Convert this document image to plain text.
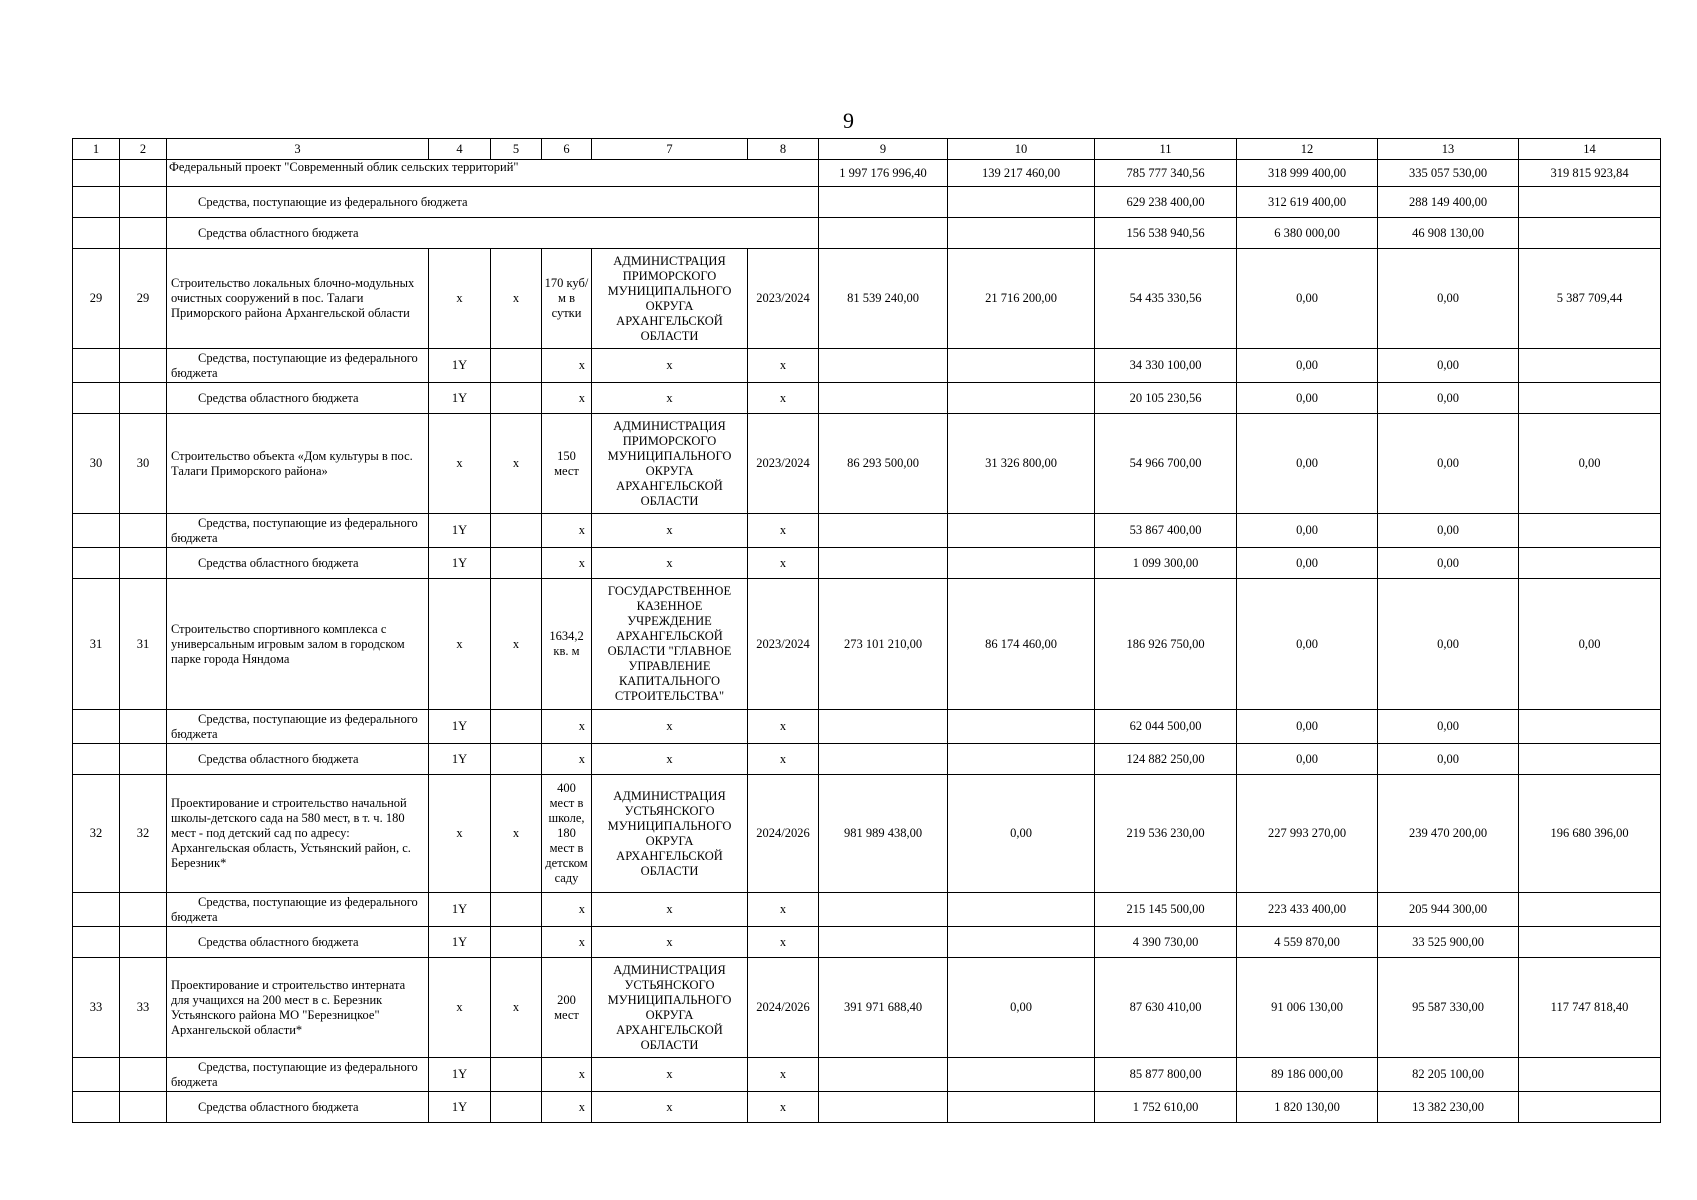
9
1	2	3	4	5	6	7	8	9	10	11	12	13	14
		Федеральный проект "Современный облик сельских территорий"						1 997 176 996,40	139 217 460,00	785 777 340,56	318 999 400,00	335 057 530,00	319 815 923,84
		Средства, поступающие из федерального бюджета								629 238 400,00	312 619 400,00	288 149 400,00	
		Средства областного бюджета								156 538 940,56	6 380 000,00	46 908 130,00	
29	29	Строительство локальных блочно-модульных очистных сооружений в пос. Талаги Приморского района Архангельской области	х	х	170 куб/м в сутки	АДМИНИСТРАЦИЯ ПРИМОРСКОГО МУНИЦИПАЛЬНОГО ОКРУГА АРХАНГЕЛЬСКОЙ ОБЛАСТИ	2023/2024	81 539 240,00	21 716 200,00	54 435 330,56	0,00	0,00	5 387 709,44

		Средства, поступающие из федерального бюджета	1Y		х	х	х			34 330 100,00	0,00	0,00	

		Средства областного бюджета	1Y		х	х	х			20 105 230,56	0,00	0,00	
30	30	Строительство объекта «Дом культуры в пос. Талаги Приморского района»	х	х	150 мест	АДМИНИСТРАЦИЯ ПРИМОРСКОГО МУНИЦИПАЛЬНОГО ОКРУГА АРХАНГЕЛЬСКОЙ ОБЛАСТИ	2023/2024	86 293 500,00	31 326 800,00	54 966 700,00	0,00	0,00	0,00

		Средства, поступающие из федерального бюджета	1Y		х	х	х			53 867 400,00	0,00	0,00	

		Средства областного бюджета	1Y		х	х	х			1 099 300,00	0,00	0,00	
31	31	Строительство спортивного комплекса с универсальным игровым залом в городском парке города Няндома	х	х	1634,2 кв. м	ГОСУДАРСТВЕННОЕ КАЗЕННОЕ УЧРЕЖДЕНИЕ АРХАНГЕЛЬСКОЙ ОБЛАСТИ "ГЛАВНОЕ УПРАВЛЕНИЕ КАПИТАЛЬНОГО СТРОИТЕЛЬСТВА"	2023/2024	273 101 210,00	86 174 460,00	186 926 750,00	0,00	0,00	0,00

		Средства, поступающие из федерального бюджета	1Y		х	х	х			62 044 500,00	0,00	0,00	

		Средства областного бюджета	1Y		х	х	х			124 882 250,00	0,00	0,00	
32	32	Проектирование и строительство начальной школы-детского сада на 580 мест, в т. ч. 180 мест - под детский сад по адресу: Архангельская область, Устьянский район, с. Березник*	х	х	400 мест в школе, 180 мест в детском саду	АДМИНИСТРАЦИЯ УСТЬЯНСКОГО МУНИЦИПАЛЬНОГО ОКРУГА АРХАНГЕЛЬСКОЙ ОБЛАСТИ	2024/2026	981 989 438,00	0,00	219 536 230,00	227 993 270,00	239 470 200,00	196 680 396,00

		Средства, поступающие из федерального бюджета	1Y		х	х	х			215 145 500,00	223 433 400,00	205 944 300,00	

		Средства областного бюджета	1Y		х	х	х			4 390 730,00	4 559 870,00	33 525 900,00	
33	33	Проектирование и строительство интерната для учащихся на 200 мест в с. Березник Устьянского района МО "Березницкое" Архангельской области*	х	х	200 мест	АДМИНИСТРАЦИЯ УСТЬЯНСКОГО МУНИЦИПАЛЬНОГО ОКРУГА АРХАНГЕЛЬСКОЙ ОБЛАСТИ	2024/2026	391 971 688,40	0,00	87 630 410,00	91 006 130,00	95 587 330,00	117 747 818,40

		Средства, поступающие из федерального бюджета	1Y		х	х	х			85 877 800,00	89 186 000,00	82 205 100,00	

		Средства областного бюджета	1Y		х	х	х			1 752 610,00	1 820 130,00	13 382 230,00	
